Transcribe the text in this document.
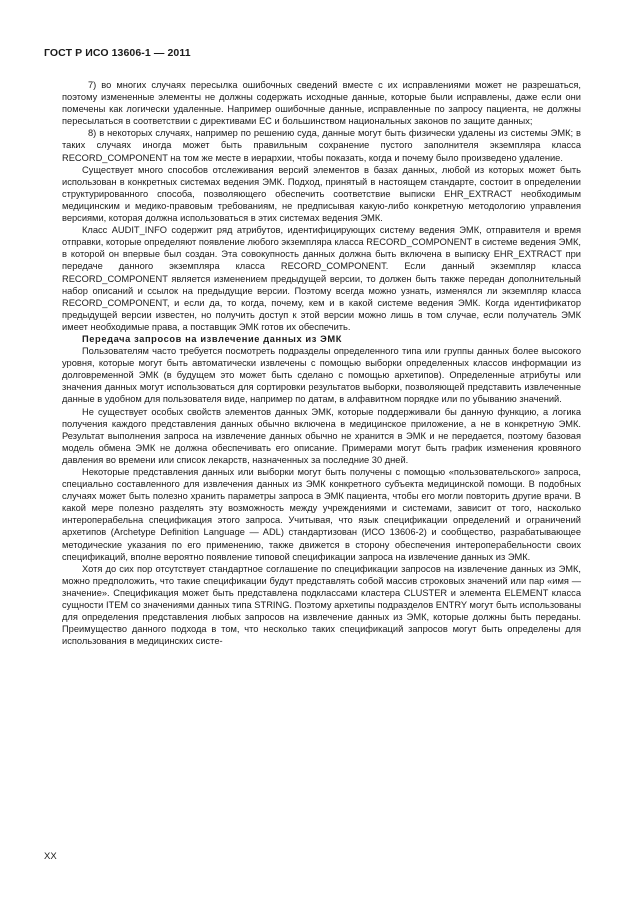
ГОСТ Р ИСО 13606-1 — 2011

7) во многих случаях пересылка ошибочных сведений вместе с их исправлениями может не разрешаться, поэтому измененные элементы не должны содержать исходные данные, которые были исправлены, даже если они помечены как логически удаленные. Например ошибочные данные, исправленные по запросу пациента, не должны пересылаться в соответствии с директивами ЕС и большинством национальных законов по защите данных;

8) в некоторых случаях, например по решению суда, данные могут быть физически удалены из системы ЭМК; в таких случаях иногда может быть правильным сохранение пустого заполнителя экземпляра класса RECORD_COMPONENT на том же месте в иерархии, чтобы показать, когда и почему было произведено удаление.

Существует много способов отслеживания версий элементов в базах данных, любой из которых может быть использован в конкретных системах ведения ЭМК. Подход, принятый в настоящем стандарте, состоит в определении структурированного способа, позволяющего обеспечить соответствие выписки EHR_EXTRACT необходимым медицинским и медико-правовым требованиям, не предписывая какую-либо конкретную методологию управления версиями, которая должна использоваться в этих системах ведения ЭМК.

Класс AUDIT_INFO содержит ряд атрибутов, идентифицирующих систему ведения ЭМК, отправителя и время отправки, которые определяют появление любого экземпляра класса RECORD_COMPONENT в системе ведения ЭМК, в которой он впервые был создан. Эта совокупность данных должна быть включена в выписку EHR_EXTRACT при передаче данного экземпляра класса RECORD_COMPONENT. Если данный экземпляр класса RECORD_COMPONENT является изменением предыдущей версии, то должен быть также передан дополнительный набор описаний и ссылок на предыдущие версии. Поэтому всегда можно узнать, изменялся ли экземпляр класса RECORD_COMPONENT, и если да, то когда, почему, кем и в какой системе ведения ЭМК. Когда идентификатор предыдущей версии известен, но получить доступ к этой версии можно лишь в том случае, если получатель ЭМК имеет необходимые права, а поставщик ЭМК готов их обеспечить.

Передача запросов на извлечение данных из ЭМК

Пользователям часто требуется посмотреть подразделы определенного типа или группы данных более высокого уровня, которые могут быть автоматически извлечены с помощью выборки определенных классов информации из долговременной ЭМК (в будущем это может быть сделано с помощью архетипов). Определенные атрибуты или значения данных могут использоваться для сортировки результатов выборки, позволяющей представить извлеченные данные в удобном для пользователя виде, например по датам, в алфавитном порядке или по убыванию значений.

Не существует особых свойств элементов данных ЭМК, которые поддерживали бы данную функцию, а логика получения каждого представления данных обычно включена в медицинское приложение, а не в конкретную ЭМК. Результат выполнения запроса на извлечение данных обычно не хранится в ЭМК и не передается, поэтому базовая модель обмена ЭМК не должна обеспечивать его описание. Примерами могут быть график изменения кровяного давления во времени или список лекарств, назначенных за последние 30 дней.

Некоторые представления данных или выборки могут быть получены с помощью «пользовательского» запроса, специально составленного для извлечения данных из ЭМК конкретного субъекта медицинской помощи. В подобных случаях может быть полезно хранить параметры запроса в ЭМК пациента, чтобы его могли повторить другие врачи. В какой мере полезно разделять эту возможность между учреждениями и системами, зависит от того, насколько интероперабельна спецификация этого запроса. Учитывая, что язык спецификации определений и ограничений архетипов (Archetype Definition Language — ADL) стандартизован (ИСО 13606-2) и сообщество, разрабатывающее методические указания по его применению, также движется в сторону обеспечения интероперабельности своих спецификаций, вполне вероятно появление типовой спецификации запроса на извлечение данных из ЭМК.

Хотя до сих пор отсутствует стандартное соглашение по спецификации запросов на извлечение данных из ЭМК, можно предположить, что такие спецификации будут представлять собой массив строковых значений или пар «имя — значение». Спецификация может быть представлена подклассами кластера CLUSTER и элемента ELEMENT класса сущности ITEM со значениями данных типа STRING. Поэтому архетипы подразделов ENTRY могут быть использованы для определения представления любых запросов на извлечение данных из ЭМК, которые должны быть переданы. Преимущество данного подхода в том, что несколько таких спецификаций запросов могут быть определены для использования в медицинских систе-

XX
